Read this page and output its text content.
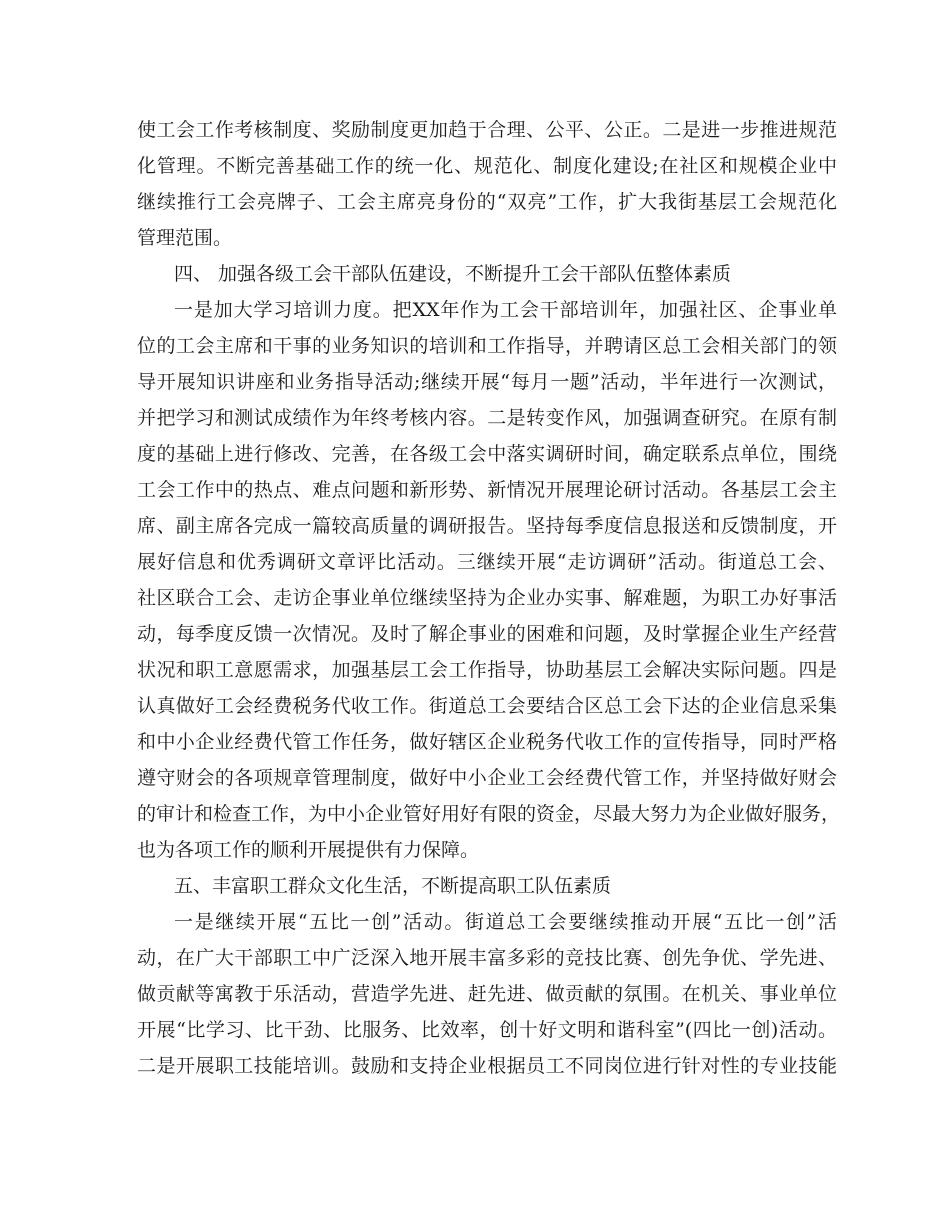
使工会工作考核制度、奖励制度更加趋于合理、公平、公正。二是进一步推进规范
化管理。不断完善基础工作的统一化、规范化、制度化建设;在社区和规模企业中
继续推行工会亮牌子、工会主席亮身份的“双亮”工作，扩大我街基层工会规范化
管理范围。
四、 加强各级工会干部队伍建设，不断提升工会干部队伍整体素质
一是加大学习培训力度。把XX年作为工会干部培训年，加强社区、企事业单
位的工会主席和干事的业务知识的培训和工作指导，并聘请区总工会相关部门的领
导开展知识讲座和业务指导活动;继续开展“每月一题”活动，半年进行一次测试，
并把学习和测试成绩作为年终考核内容。二是转变作风，加强调查研究。在原有制
度的基础上进行修改、完善，在各级工会中落实调研时间，确定联系点单位，围绕
工会工作中的热点、难点问题和新形势、新情况开展理论研讨活动。各基层工会主
席、副主席各完成一篇较高质量的调研报告。坚持每季度信息报送和反馈制度，开
展好信息和优秀调研文章评比活动。三继续开展“走访调研”活动。街道总工会、
社区联合工会、走访企事业单位继续坚持为企业办实事、解难题，为职工办好事活
动，每季度反馈一次情况。及时了解企事业的困难和问题，及时掌握企业生产经营
状况和职工意愿需求，加强基层工会工作指导，协助基层工会解决实际问题。四是
认真做好工会经费税务代收工作。街道总工会要结合区总工会下达的企业信息采集
和中小企业经费代管工作任务，做好辖区企业税务代收工作的宣传指导，同时严格
遵守财会的各项规章管理制度，做好中小企业工会经费代管工作，并坚持做好财会
的审计和检查工作，为中小企业管好用好有限的资金，尽最大努力为企业做好服务，
也为各项工作的顺利开展提供有力保障。
五、丰富职工群众文化生活，不断提高职工队伍素质
一是继续开展“五比一创”活动。街道总工会要继续推动开展“五比一创”活
动，在广大干部职工中广泛深入地开展丰富多彩的竞技比赛、创先争优、学先进、
做贡献等寓教于乐活动，营造学先进、赶先进、做贡献的氛围。在机关、事业单位
开展“比学习、比干劲、比服务、比效率，创十好文明和谐科室”(四比一创)活动。
二是开展职工技能培训。鼓励和支持企业根据员工不同岗位进行针对性的专业技能
